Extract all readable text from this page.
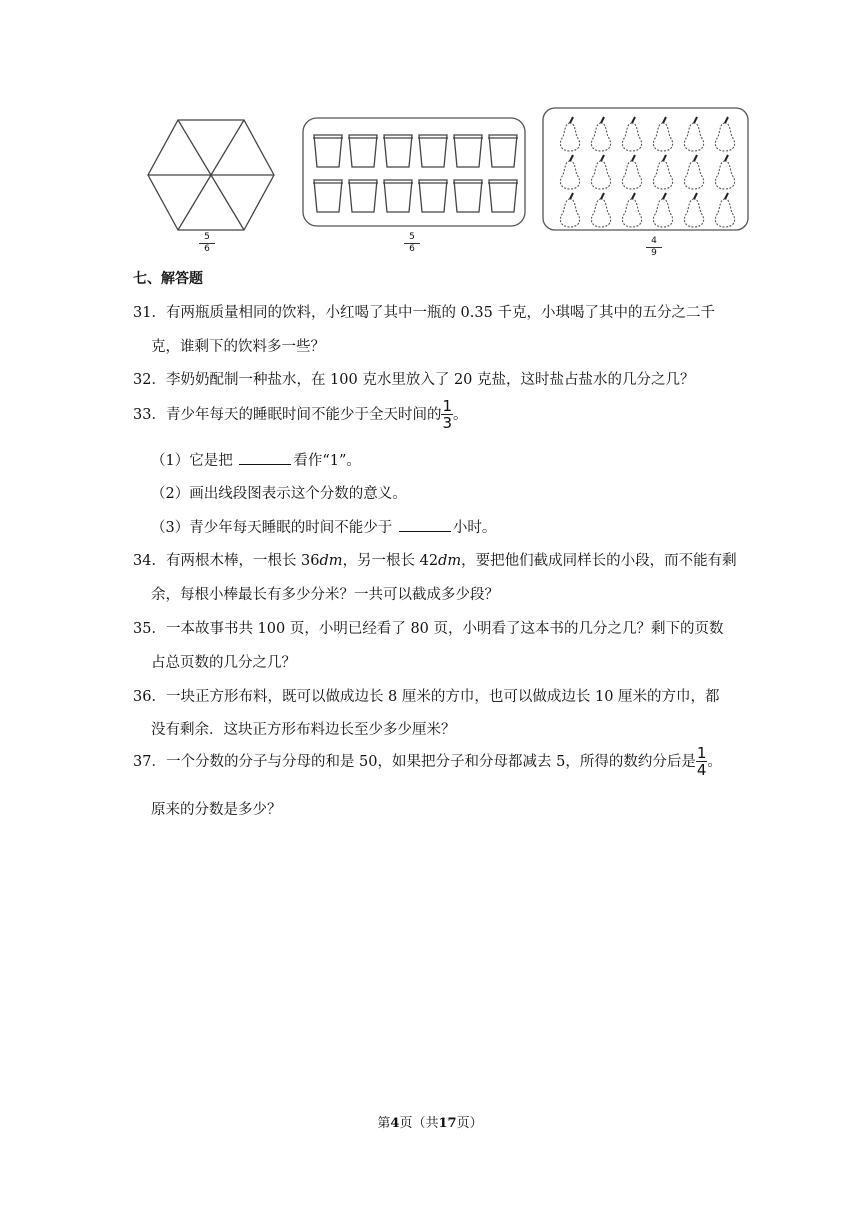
$\frac{5}{6}$	$\frac{5}{6}$	$\frac{4}{9}$
七、解答题
31．有两瓶质量相同的饮料，小红喝了其中一瓶的 0.35 千克，小琪喝了其中的五分之二千
克，谁剩下的饮料多一些？
32．李奶奶配制一种盐水，在 100 克水里放入了 20 克盐，这时盐占盐水的几分之几？
33．青少年每天的睡眠时间不能少于全天时间的 $\frac{1}{3}$ 。
（1）它是把	看作“1”。
（2）画出线段图表示这个分数的意义。
（3）青少年每天睡眠的时间不能少于	小时。
34．有两根木棒，一根长 36dm，另一根长 42dm，要把他们截成同样长的小段，而不能有剩
余，每根小棒最长有多少分米？一共可以截成多少段？
35．一本故事书共 100 页，小明已经看了 80 页，小明看了这本书的几分之几？剩下的页数
占总页数的几分之几？
36．一块正方形布料，既可以做成边长 8 厘米的方巾，也可以做成边长 10 厘米的方巾，都
没有剩余．这块正方形布料边长至少多少厘米？
37．一个分数的分子与分母的和是 50，如果把分子和分母都减去 5，所得的数约分后是 $\frac{1}{4}$ 。
原来的分数是多少？
第4页（共17页）
